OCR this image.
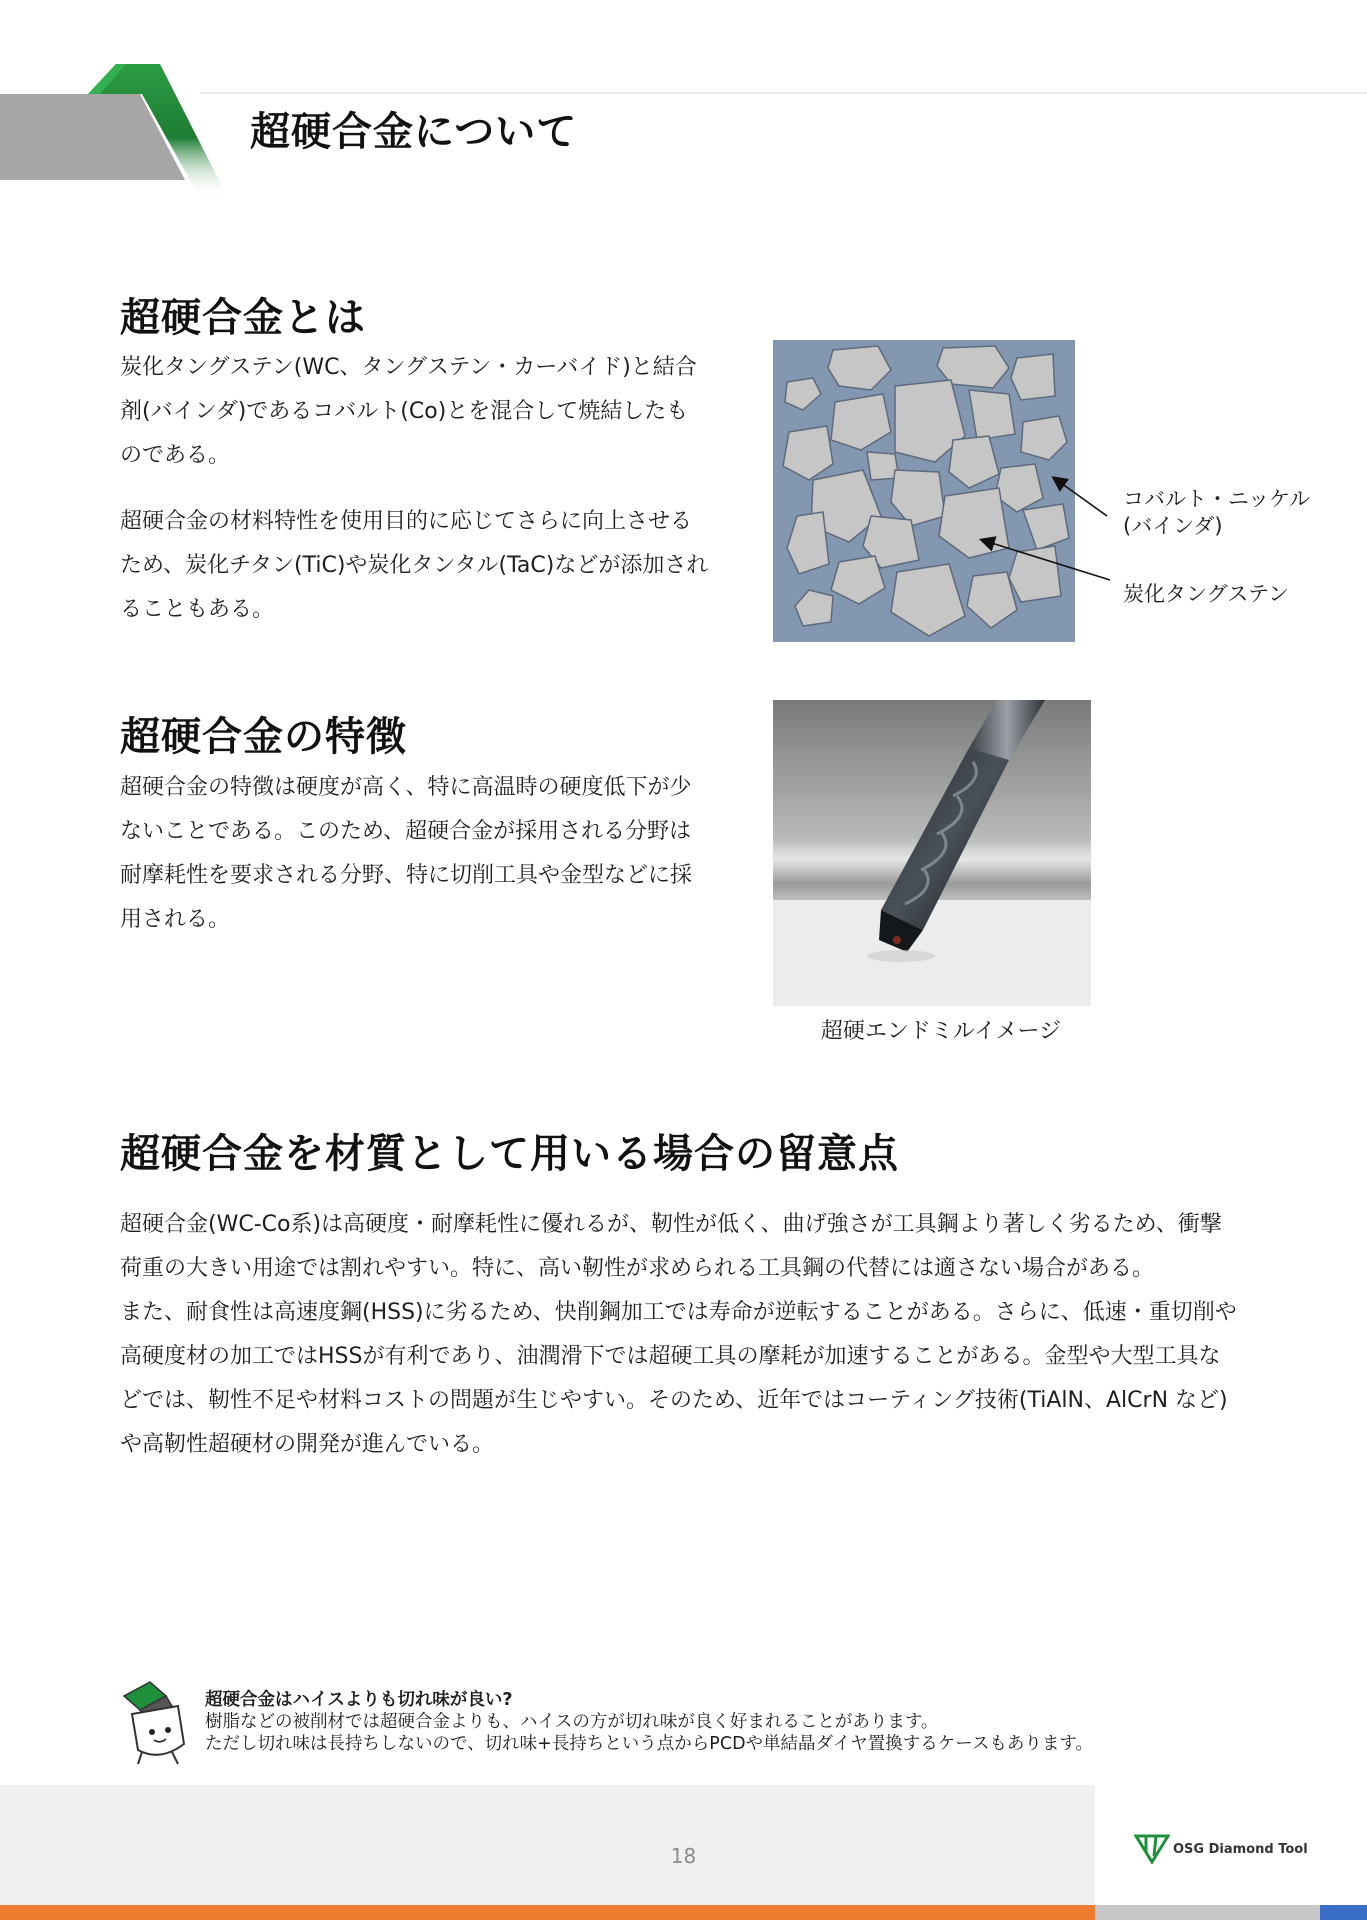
超硬合金について
超硬合金とは

炭化タングステン(WC、タングステン・カーバイド)と結合剤(バインダ)であるコバルト(Co)とを混合して焼結したものである。

超硬合金の材料特性を使用目的に応じてさらに向上させるため、炭化チタン(TiC)や炭化タンタル(TaC)などが添加されることもある。

コバルト・ニッケル
(バインダ)
炭化タングステン
超硬合金の特徴

超硬合金の特徴は硬度が高く、特に高温時の硬度低下が少ないことである。このため、超硬合金が採用される分野は耐摩耗性を要求される分野、特に切削工具や金型などに採用される。

超硬エンドミルイメージ
超硬合金を材質として用いる場合の留意点

超硬合金(WC-Co系)は高硬度・耐摩耗性に優れるが、靭性が低く、曲げ強さが工具鋼より著しく劣るため、衝撃荷重の大きい用途では割れやすい。特に、高い靭性が求められる工具鋼の代替には適さない場合がある。

また、耐食性は高速度鋼(HSS)に劣るため、快削鋼加工では寿命が逆転することがある。さらに、低速・重切削や高硬度材の加工ではHSSが有利であり、油潤滑下では超硬工具の摩耗が加速することがある。金型や大型工具などでは、靭性不足や材料コストの問題が生じやすい。そのため、近年ではコーティング技術(TiAlN、AlCrN など)や高靭性超硬材の開発が進んでいる。

超硬合金はハイスよりも切れ味が良い?
樹脂などの被削材では超硬合金よりも、ハイスの方が切れ味が良く好まれることがあります。
ただし切れ味は長持ちしないので、切れ味+長持ちという点からPCDや単結晶ダイヤ置換するケースもあります。
18	OSG Diamond Tool
